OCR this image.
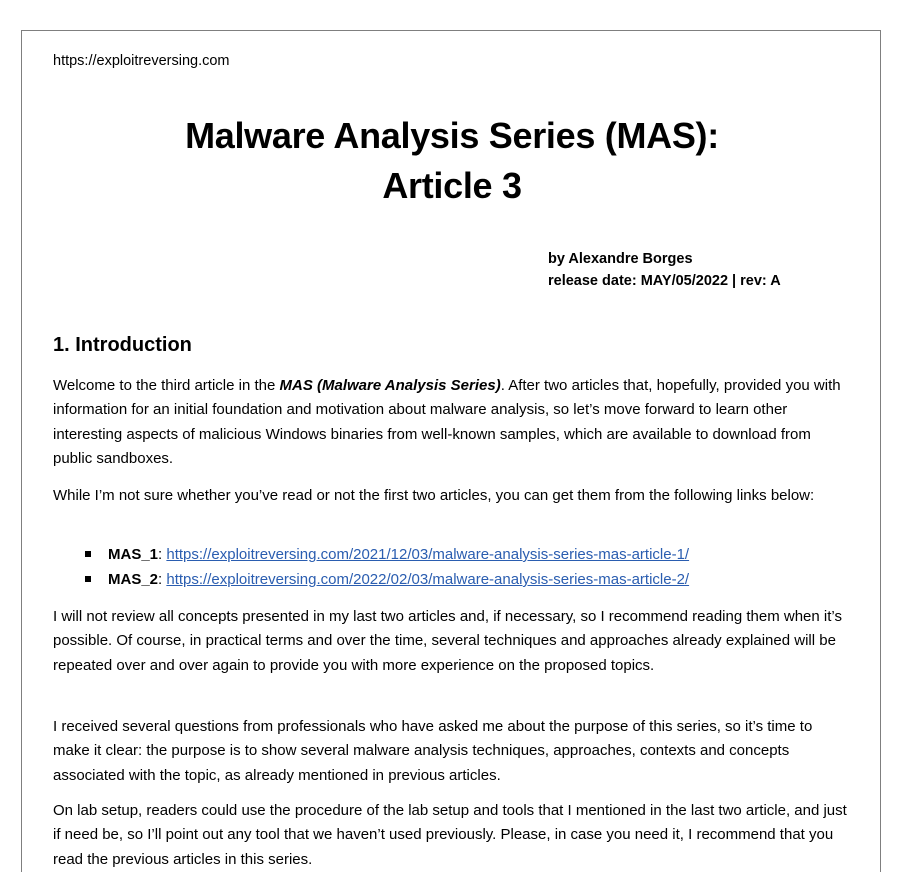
https://exploitreversing.com
Malware Analysis Series (MAS):
Article 3
by Alexandre Borges
release date: MAY/05/2022 | rev: A
1. Introduction
Welcome to the third article in the MAS (Malware Analysis Series). After two articles that, hopefully, provided you with information for an initial foundation and motivation about malware analysis, so let’s move forward to learn other interesting aspects of malicious Windows binaries from well-known samples, which are available to download from public sandboxes.
While I’m not sure whether you’ve read or not the first two articles, you can get them from the following links below:
MAS_1: https://exploitreversing.com/2021/12/03/malware-analysis-series-mas-article-1/
MAS_2: https://exploitreversing.com/2022/02/03/malware-analysis-series-mas-article-2/
I will not review all concepts presented in my last two articles and, if necessary, so I recommend reading them when it’s possible. Of course, in practical terms and over the time, several techniques and approaches already explained will be repeated over and over again to provide you with more experience on the proposed topics.
I received several questions from professionals who have asked me about the purpose of this series, so it’s time to make it clear: the purpose is to show several malware analysis techniques, approaches, contexts and concepts associated with the topic, as already mentioned in previous articles.
On lab setup, readers could use the procedure of the lab setup and tools that I mentioned in the last two article, and just if need be, so I’ll point out any tool that we haven’t used previously. Please, in case you need it, I recommend that you read the previous articles in this series.
